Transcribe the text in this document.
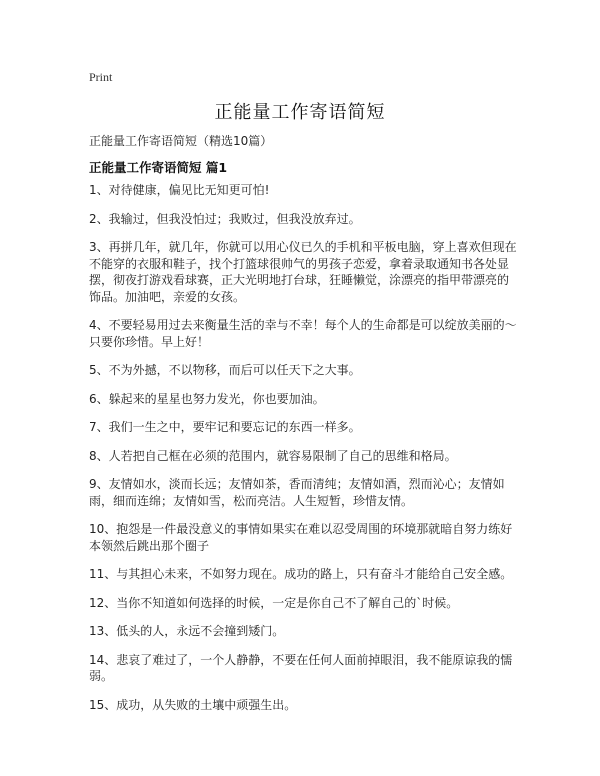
Print
正能量工作寄语简短
正能量工作寄语简短（精选10篇）
正能量工作寄语简短 篇1

1、对待健康，偏见比无知更可怕!

2、我输过，但我没怕过；我败过，但我没放弃过。

3、再拼几年，就几年，你就可以用心仪已久的手机和平板电脑，穿上喜欢但现在不能穿的衣服和鞋子，找个打篮球很帅气的男孩子恋爱，拿着录取通知书各处显摆，彻夜打游戏看球赛，正大光明地打台球，狂睡懒觉，涂漂亮的指甲带漂亮的饰品。加油吧，亲爱的女孩。

4、不要轻易用过去来衡量生活的幸与不幸！每个人的生命都是可以绽放美丽的～只要你珍惜。早上好！

5、不为外撼，不以物移，而后可以任天下之大事。

6、躲起来的星星也努力发光，你也要加油。

7、我们一生之中，要牢记和要忘记的东西一样多。

8、人若把自己框在必须的范围内，就容易限制了自己的思维和格局。

9、友情如水，淡而长远；友情如茶，香而清纯；友情如酒，烈而沁心；友情如雨，细而连绵；友情如雪，松而亮洁。人生短暂，珍惜友情。

10、抱怨是一件最没意义的事情如果实在难以忍受周围的环境那就暗自努力练好本领然后跳出那个圈子

11、与其担心未来，不如努力现在。成功的路上，只有奋斗才能给自己安全感。

12、当你不知道如何选择的时候，一定是你自己不了解自己的`时候。

13、低头的人，永远不会撞到矮门。

14、悲哀了难过了，一个人静静，不要在任何人面前掉眼泪，我不能原谅我的懦弱。

15、成功，从失败的土壤中顽强生出。
